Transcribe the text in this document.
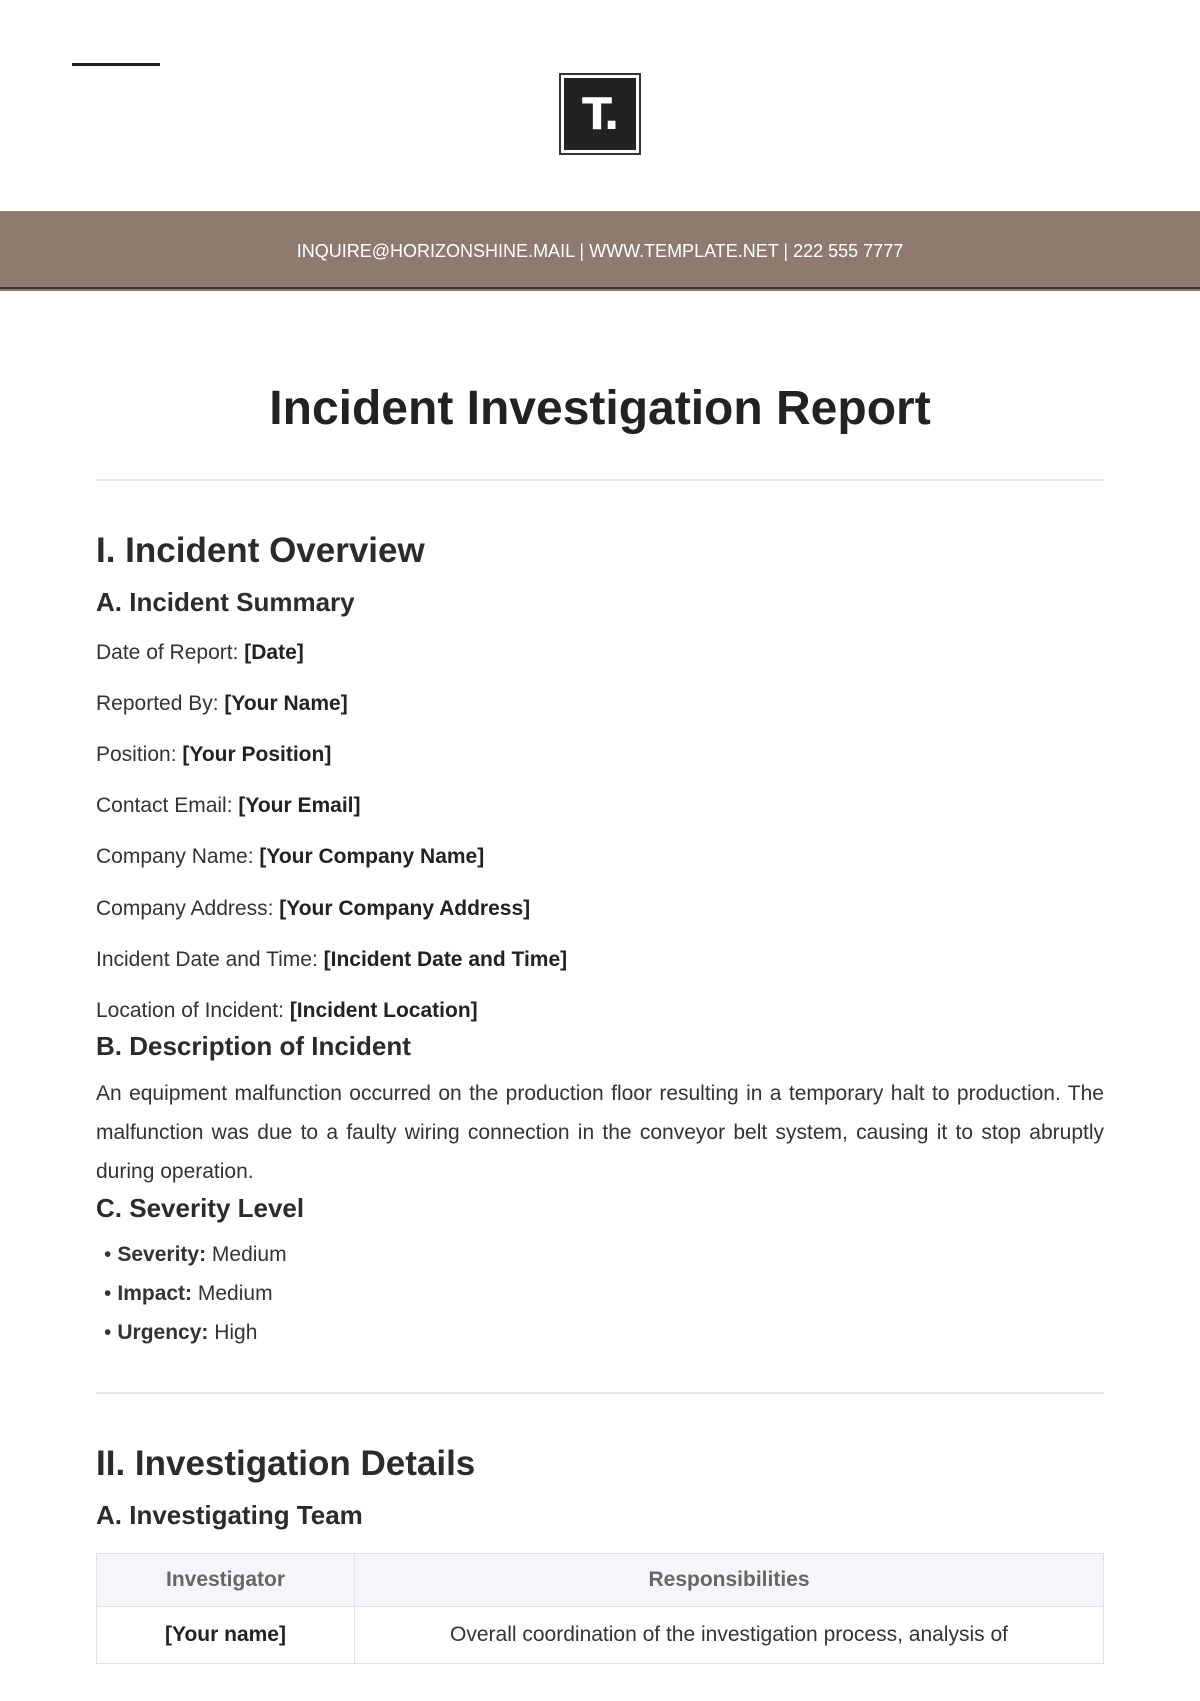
T.
INQUIRE@HORIZONSHINE.MAIL | WWW.TEMPLATE.NET | 222 555 7777
Incident Investigation Report
I. Incident Overview
A. Incident Summary

Date of Report: [Date]

Reported By: [Your Name]

Position: [Your Position]

Contact Email: [Your Email]

Company Name: [Your Company Name]

Company Address: [Your Company Address]

Incident Date and Time: [Incident Date and Time]

Location of Incident: [Incident Location]

B. Description of Incident

An equipment malfunction occurred on the production floor resulting in a temporary halt to production. The malfunction was due to a faulty wiring connection in the conveyor belt system, causing it to stop abruptly during operation.

C. Severity Level
• Severity: Medium
• Impact: Medium
• Urgency: High
II. Investigation Details
A. Investigating Team
Investigator	Responsibilities
[Your name]	Overall coordination of the investigation process, analysis of
